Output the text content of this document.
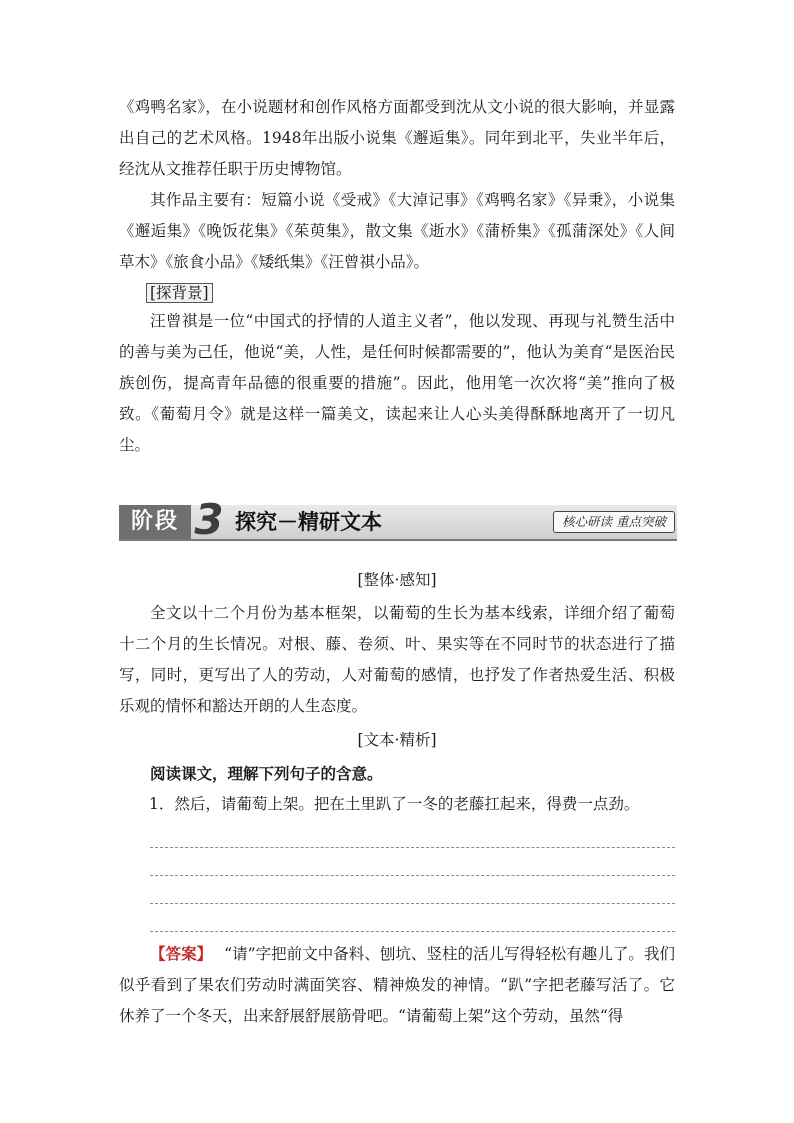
《鸡鸭名家》，在小说题材和创作风格方面都受到沈从文小说的很大影响，并显露出自己的艺术风格。1948年出版小说集《邂逅集》。同年到北平，失业半年后，经沈从文推荐任职于历史博物馆。

其作品主要有：短篇小说《受戒》《大淖记事》《鸡鸭名家》《异秉》，小说集《邂逅集》《晚饭花集》《茱萸集》，散文集《逝水》《蒲桥集》《孤蒲深处》《人间草木》《旅食小品》《矮纸集》《汪曾祺小品》。

[探背景]

汪曾祺是一位“中国式的抒情的人道主义者”，他以发现、再现与礼赞生活中的善与美为己任，他说“美，人性，是任何时候都需要的”，他认为美育“是医治民族创伤，提高青年品德的很重要的措施”。因此，他用笔一次次将“美”推向了极致。《葡萄月令》就是这样一篇美文，读起来让人心头美得酥酥地离开了一切凡尘。

阶段 3 探究－精研文本	核心研读 重点突破

[整体·感知]

全文以十二个月份为基本框架，以葡萄的生长为基本线索，详细介绍了葡萄十二个月的生长情况。对根、藤、卷须、叶、果实等在不同时节的状态进行了描写，同时，更写出了人的劳动，人对葡萄的感情，也抒发了作者热爱生活、积极乐观的情怀和豁达开朗的人生态度。

[文本·精析]

阅读课文，理解下列句子的含意。

1．然后，请葡萄上架。把在土里趴了一冬的老藤扛起来，得费一点劲。

【答案】 “请”字把前文中备料、刨坑、竖柱的活儿写得轻松有趣儿了。我们似乎看到了果农们劳动时满面笑容、精神焕发的神情。“趴”字把老藤写活了。它休养了一个冬天，出来舒展舒展筋骨吧。“请葡萄上架”这个劳动，虽然“得
